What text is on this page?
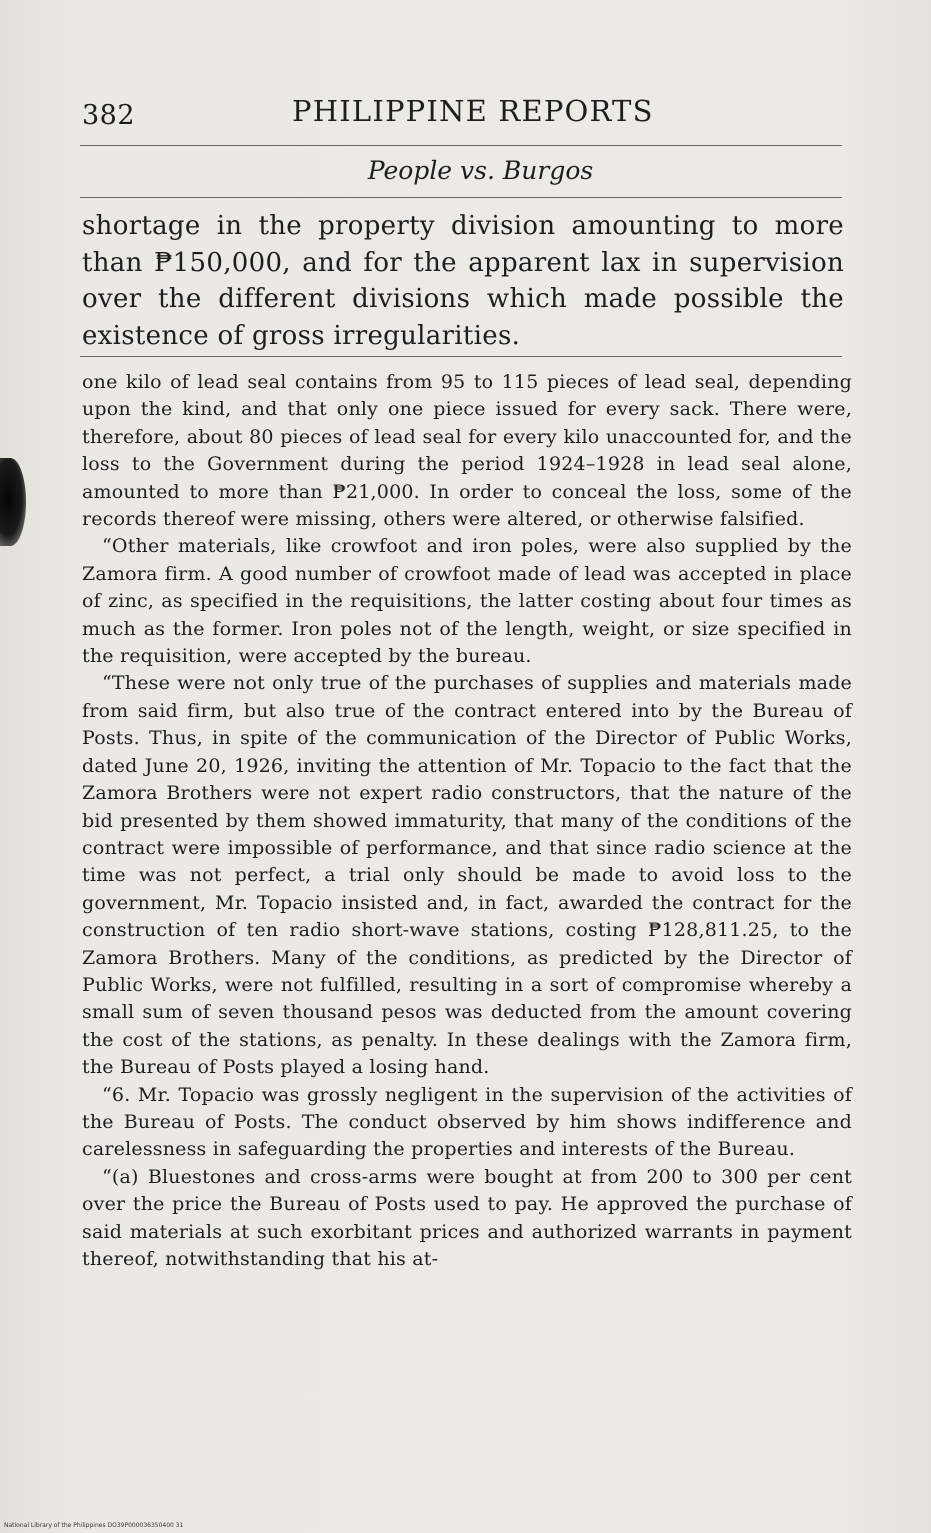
382	PHILIPPINE REPORTS
People vs. Burgos
shortage in the property division amounting to more than ₱150,000, and for the apparent lax in supervision over the different divisions which made possible the existence of gross irregularities.

one kilo of lead seal contains from 95 to 115 pieces of lead seal, depending upon the kind, and that only one piece issued for every sack. There were, therefore, about 80 pieces of lead seal for every kilo unaccounted for, and the loss to the Government during the period 1924–1928 in lead seal alone, amounted to more than ₱21,000. In order to conceal the loss, some of the records thereof were missing, others were altered, or otherwise falsified.

“Other materials, like crowfoot and iron poles, were also supplied by the Zamora firm. A good number of crowfoot made of lead was accepted in place of zinc, as specified in the requisitions, the latter costing about four times as much as the former. Iron poles not of the length, weight, or size specified in the requisition, were accepted by the bureau.

“These were not only true of the purchases of supplies and materials made from said firm, but also true of the contract entered into by the Bureau of Posts. Thus, in spite of the communication of the Director of Public Works, dated June 20, 1926, inviting the attention of Mr. Topacio to the fact that the Zamora Brothers were not expert radio constructors, that the nature of the bid presented by them showed immaturity, that many of the conditions of the contract were impossible of performance, and that since radio science at the time was not perfect, a trial only should be made to avoid loss to the government, Mr. Topacio insisted and, in fact, awarded the contract for the construction of ten radio short-wave stations, costing ₱128,811.25, to the Zamora Brothers. Many of the conditions, as predicted by the Director of Public Works, were not fulfilled, resulting in a sort of compromise whereby a small sum of seven thousand pesos was deducted from the amount covering the cost of the stations, as penalty. In these dealings with the Zamora firm, the Bureau of Posts played a losing hand.

“6. Mr. Topacio was grossly negligent in the supervision of the activities of the Bureau of Posts. The conduct observed by him shows indifference and carelessness in safeguarding the properties and interests of the Bureau.

“(a) Bluestones and cross-arms were bought at from 200 to 300 per cent over the price the Bureau of Posts used to pay. He approved the purchase of said materials at such exorbitant prices and authorized warrants in payment thereof, notwithstanding that his at-

National Library of the Philippines DO39P000036350400 31
